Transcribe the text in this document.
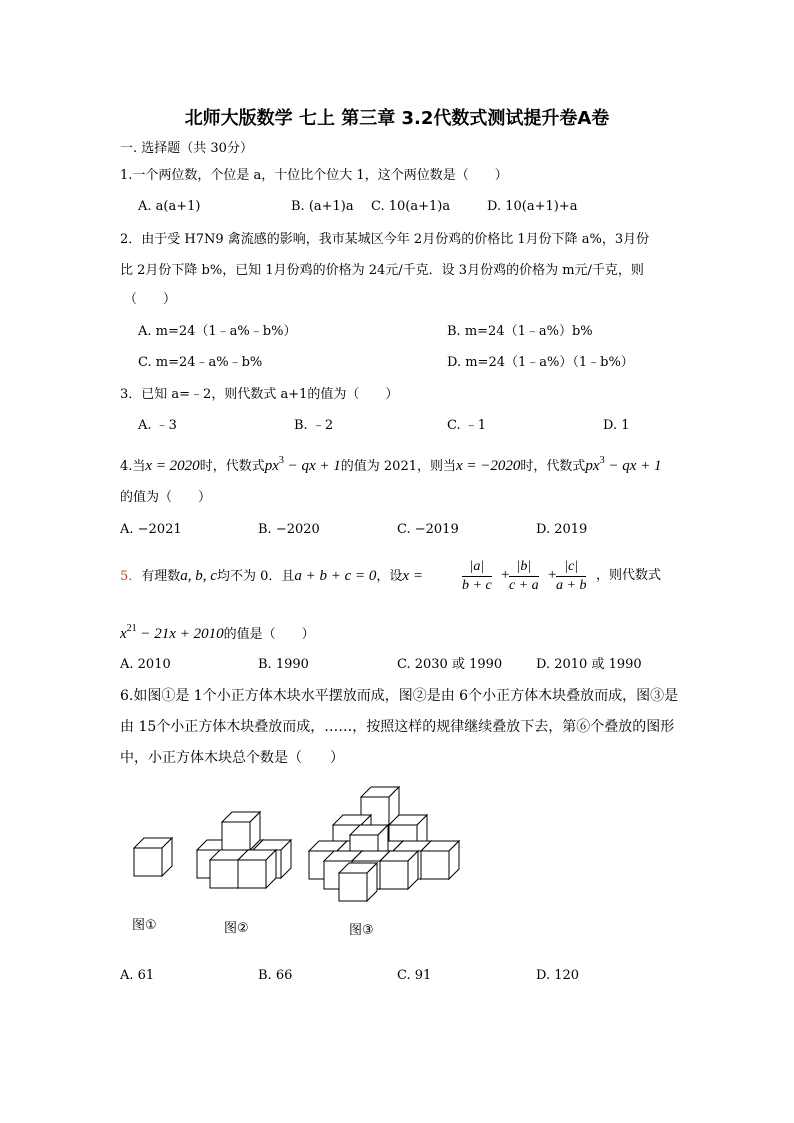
北师大版数学 七上 第三章 3.2代数式测试提升卷A卷
一. 选择题（共 30分）
1.一个两位数，个位是 a，十位比个位大 1，这个两位数是（　　）
A. a(a+1)	B. (a+1)a C. 10(a+1)a	D. 10(a+1)+a
2．由于受 H7N9 禽流感的影响，我市某城区今年 2月份鸡的价格比 1月份下降 a%，3月份
比 2月份下降 b%，已知 1月份鸡的价格为 24元/千克．设 3月份鸡的价格为 m元/千克，则
（　　）
A. m=24（1﹣a%﹣b%）	B. m=24（1﹣a%）b%
C. m=24﹣a%﹣b%	D. m=24（1﹣a%）（1﹣b%）
3．已知 a=﹣2，则代数式 a+1的值为（　　）
A. ﹣3	B. ﹣2	C. ﹣1	D. 1
4.当x = 2020时，代数式$px^3$ − qx + 1的值为 2021，则当x = −2020时，代数式$px^3$ − qx + 1
的值为（　　）
A. −2021	B. −2020	C. −2019	D. 2019
5．有理数a, b, c均不为 0．且a + b + c = 0，设x =	$\frac{|a|}{b + c} + \frac{|b|}{c + a} + \frac{|c|}{a + b}$ ，则代数式
$x^{21} - 21x + 2010$的值是（　　）
A. 2010	B. 1990	C. 2030 或 1990	D. 2010 或 1990
6.如图①是 1个小正方体木块水平摆放而成，图②是由 6个小正方体木块叠放而成，图③是
由 15个小正方体木块叠放而成，……，按照这样的规律继续叠放下去，第⑥个叠放的图形
中，小正方体木块总个数是（　　）
图①	图②	图③
A. 61	B. 66	C. 91	D. 120
